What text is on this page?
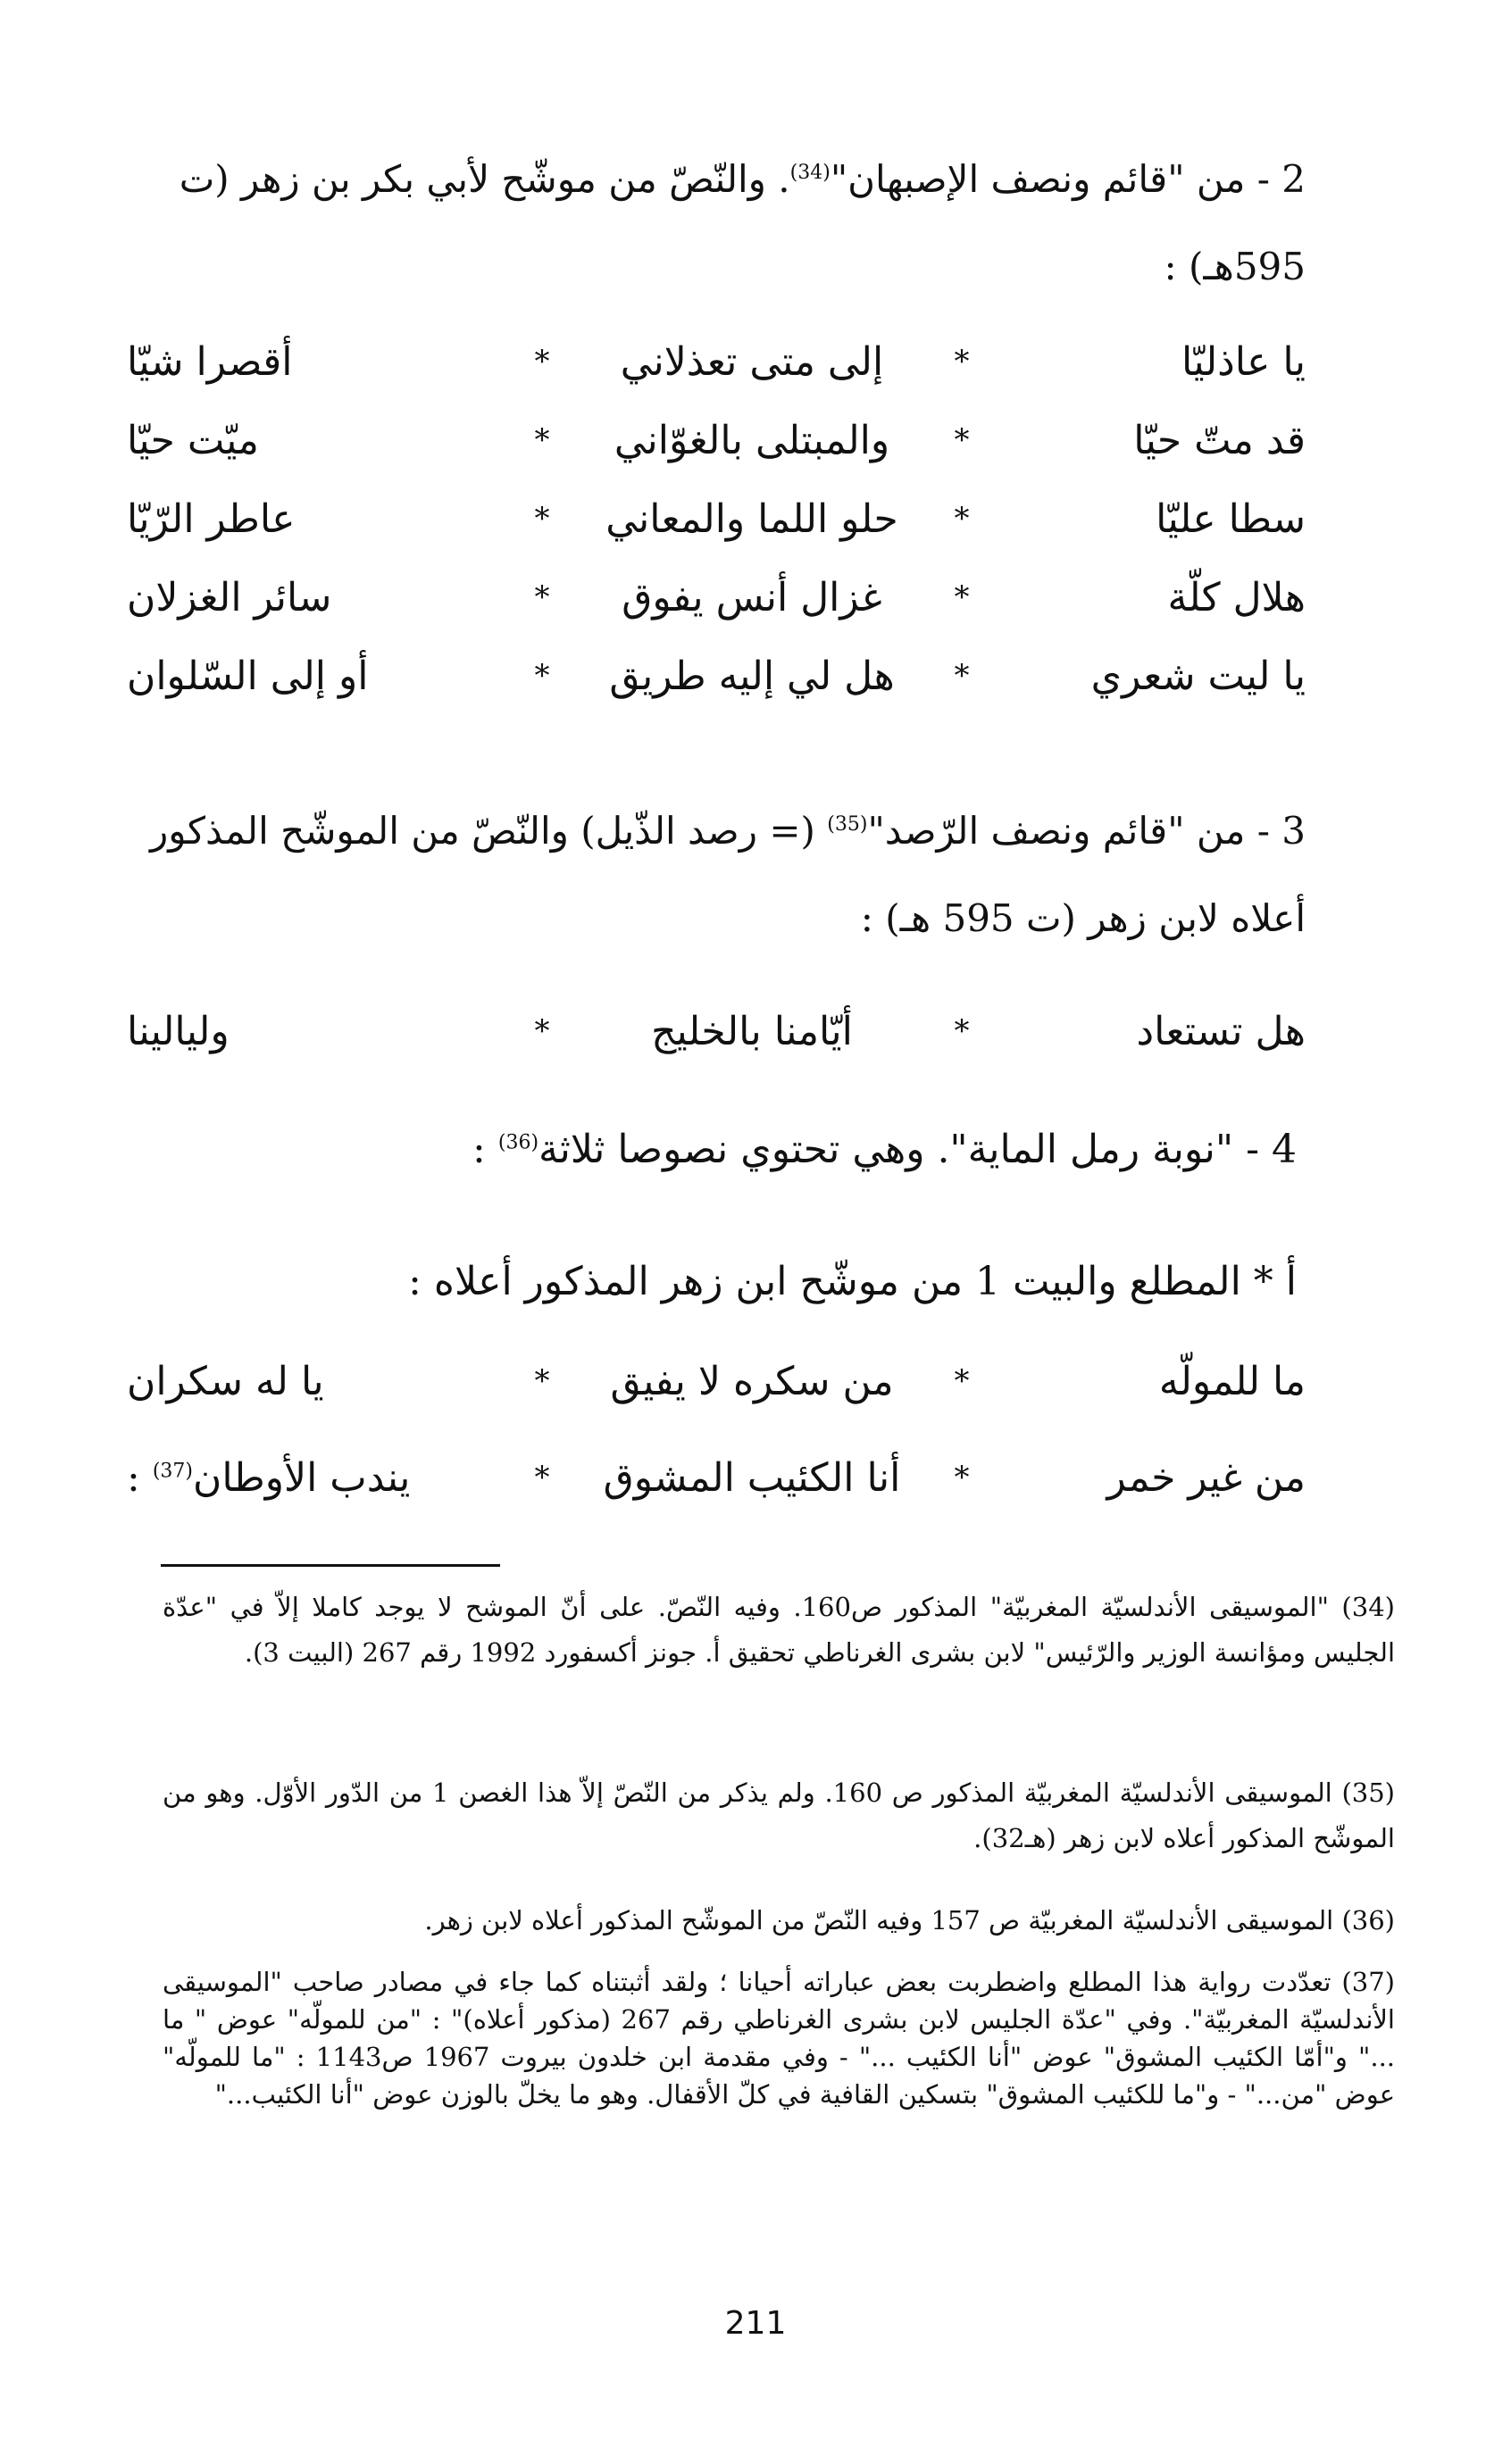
2 - من "قائم ونصف الإصبهان"$^{(34)}$. والنّصّ من موشّح لأبي بكر بن زهر (ت 595هـ) :
يا عاذليّا
*
إلى متى تعذلاني
*
أقصرا شيّا
قد متّ حيّا
*
والمبتلى بالغوّاني
*
ميّت حيّا
سطا عليّا
*
حلو اللما والمعاني
*
عاطر الرّيّا
هلال كلّة
*
غزال أنس يفوق
*
سائر الغزلان
يا ليت شعري
*
هل لي إليه طريق
*
أو إلى السّلوان
3 - من "قائم ونصف الرّصد"$^{(35)}$ (= رصد الذّيل) والنّصّ من الموشّح المذكور أعلاه لابن زهر (ت 595 هـ) :
هل تستعاد
*
أيّامنا بالخليج
*
وليالينا
4 - "نوبة رمل الماية". وهي تحتوي نصوصا ثلاثة$^{(36)}$ :
أ * المطلع والبيت 1 من موشّح ابن زهر المذكور أعلاه :
ما للمولّه
*
من سكره لا يفيق
*
يا له سكران
من غير خمر
*
أنا الكئيب المشوق
*
يندب الأوطان$^{(37)}$ :
(34) "الموسيقى الأندلسيّة المغربيّة" المذكور ص160. وفيه النّصّ. على أنّ الموشح لا يوجد كاملا إلاّ في "عدّة الجليس ومؤانسة الوزير والرّئيس" لابن بشرى الغرناطي تحقيق أ. جونز أكسفورد 1992 رقم 267 (البيت 3).
(35) الموسيقى الأندلسيّة المغربيّة المذكور ص 160. ولم يذكر من النّصّ إلاّ هذا الغصن 1 من الدّور الأوّل. وهو من الموشّح المذكور أعلاه لابن زهر (هـ32).
(36) الموسيقى الأندلسيّة المغربيّة ص 157 وفيه النّصّ من الموشّح المذكور أعلاه لابن زهر.
(37) تعدّدت رواية هذا المطلع واضطربت بعض عباراته أحيانا ؛ ولقد أثبتناه كما جاء في مصادر صاحب "الموسيقى الأندلسيّة المغربيّة". وفي "عدّة الجليس لابن بشرى الغرناطي رقم 267 (مذكور أعلاه)" : "من للمولّه" عوض " ما ..." و"أمّا الكئيب المشوق" عوض "أنا الكئيب ..." - وفي مقدمة ابن خلدون بيروت 1967 ص1143 : "ما للمولّه" عوض "من..." - و"ما للكئيب المشوق" بتسكين القافية في كلّ الأقفال. وهو ما يخلّ بالوزن عوض "أنا الكئيب..."
211
